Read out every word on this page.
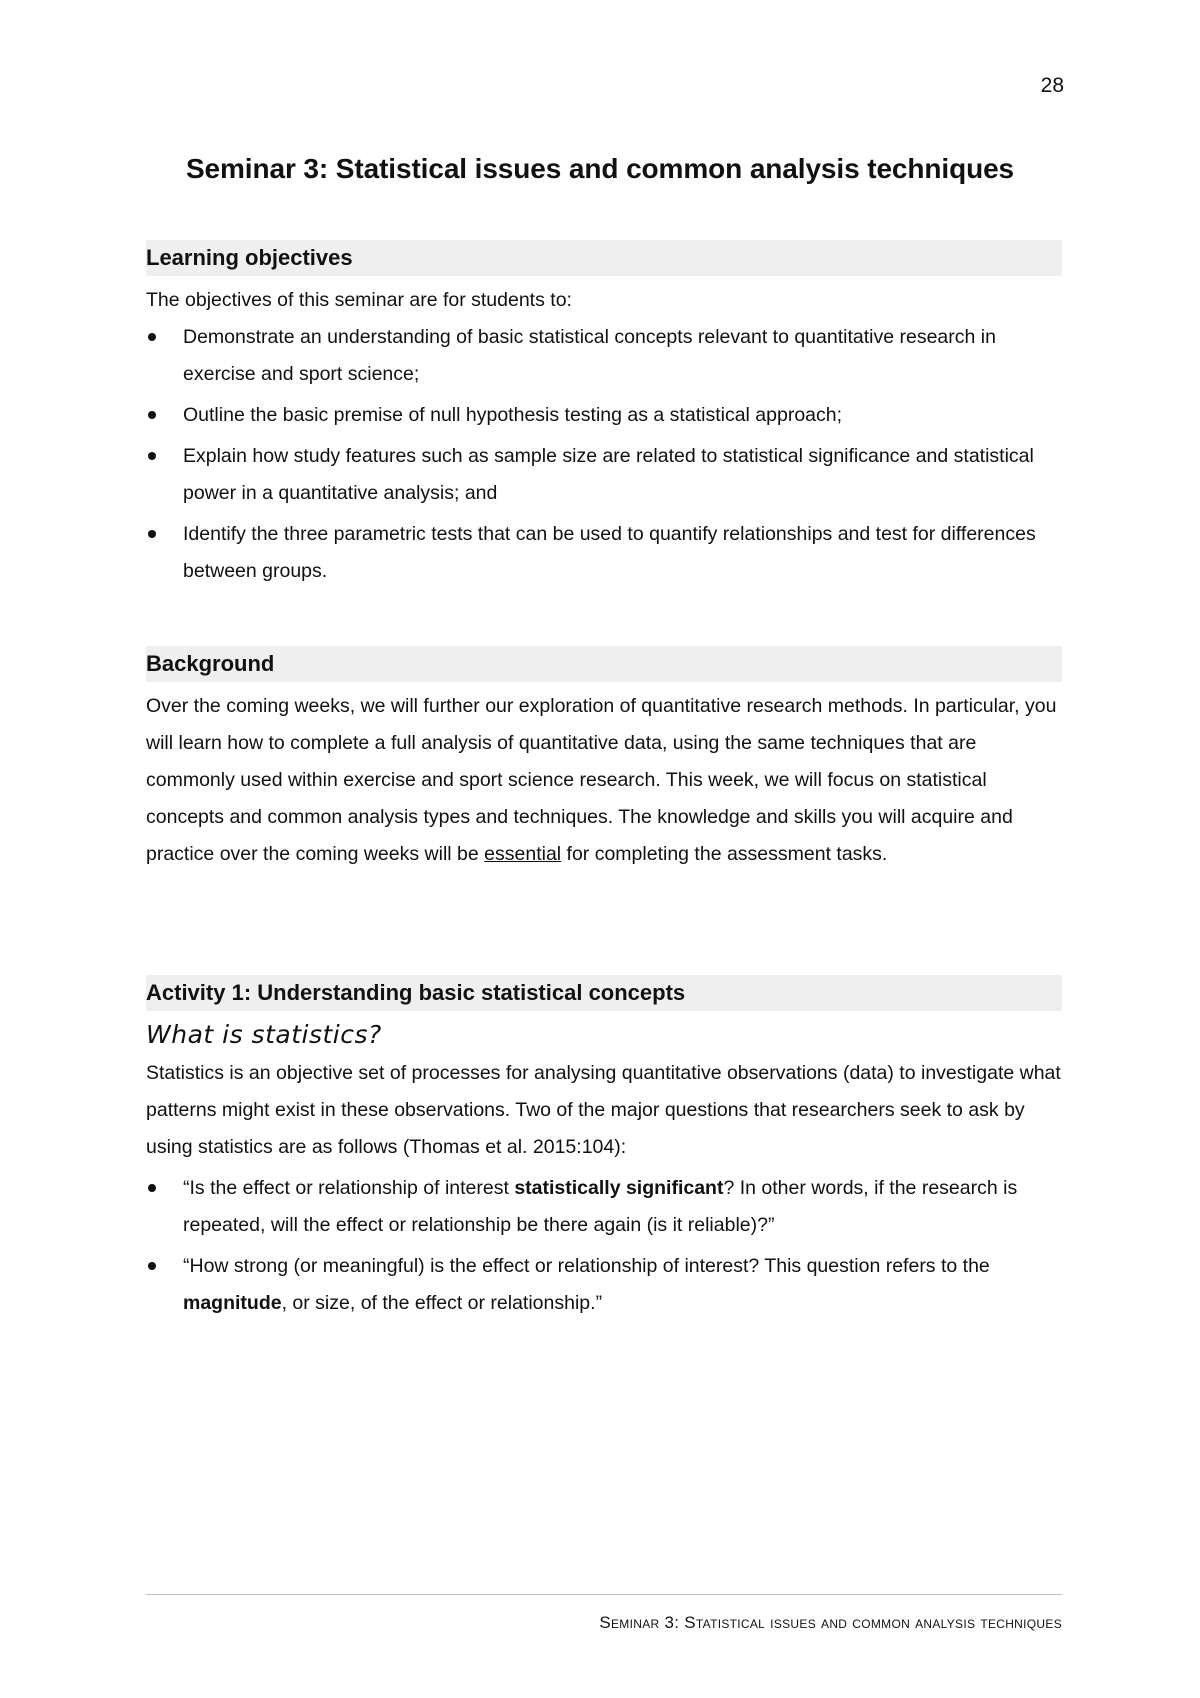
28
Seminar 3: Statistical issues and common analysis techniques
Learning objectives

The objectives of this seminar are for students to:

Demonstrate an understanding of basic statistical concepts relevant to quantitative research in exercise and sport science;
Outline the basic premise of null hypothesis testing as a statistical approach;
Explain how study features such as sample size are related to statistical significance and statistical power in a quantitative analysis; and
Identify the three parametric tests that can be used to quantify relationships and test for differences between groups.
Background

Over the coming weeks, we will further our exploration of quantitative research methods. In particular, you will learn how to complete a full analysis of quantitative data, using the same techniques that are commonly used within exercise and sport science research. This week, we will focus on statistical concepts and common analysis types and techniques. The knowledge and skills you will acquire and practice over the coming weeks will be essential for completing the assessment tasks.

Activity 1: Understanding basic statistical concepts
What is statistics?

Statistics is an objective set of processes for analysing quantitative observations (data) to investigate what patterns might exist in these observations. Two of the major questions that researchers seek to ask by using statistics are as follows (Thomas et al. 2015:104):

“Is the effect or relationship of interest statistically significant? In other words, if the research is repeated, will the effect or relationship be there again (is it reliable)?”
“How strong (or meaningful) is the effect or relationship of interest? This question refers to the magnitude, or size, of the effect or relationship.”
Seminar 3: Statistical issues and common analysis techniques
